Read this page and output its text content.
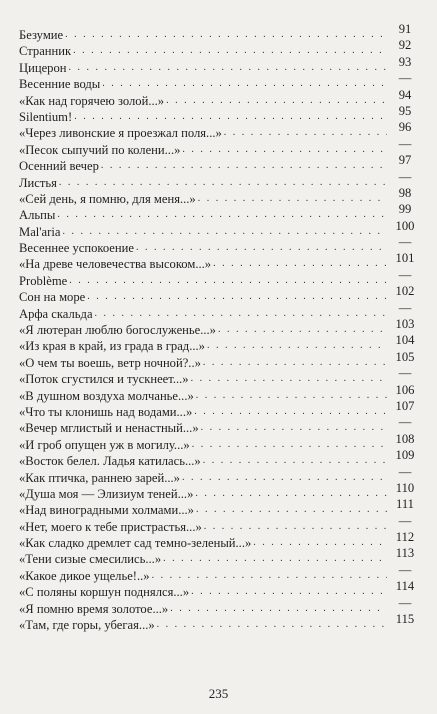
Безумие . . .	91
Странник . . .	92
Цицерон . . .	93
Весенние воды . . .	—
«Как над горячею золой...» . . .	94
Silentium! . . .	95
«Через ливонские я проезжал поля...» . . .	96
«Песок сыпучий по колени...» . . .	—
Осенний вечер . . .	97
Листья . . .	—
«Сей день, я помню, для меня...» . . .	98
Альпы . . .	99
Mal'aria . . .	100
Весеннее успокоение . . .	—
«На древе человечества высоком...» . . .	101
Problème . . .	—
Сон на море . . .	102
Арфа скальда . . .	—
«Я лютеран люблю богослуженье...» . . .	103
«Из края в край, из града в град...» . . .	104
«О чем ты воешь, ветр ночной?..» . . .	105
«Поток сгустился и тускнеет...» . . .	—
«В душном воздуха молчанье...» . . .	106
«Что ты клонишь над водами...» . . .	107
«Вечер мглистый и ненастный...» . . .	—
«И гроб опущен уж в могилу...» . . .	108
«Восток белел. Ладья катилась...» . . .	109
«Как птичка, раннею зарей...» . . .	—
«Душа моя — Элизиум теней...» . . .	110
«Над виноградными холмами...» . . .	111
«Нет, моего к тебе пристрастья...» . . .	—
«Как сладко дремлет сад темно-зеленый...» . . .	112
«Тени сизые смесились...» . . .	113
«Какое дикое ущелье!..» . . .	—
«С поляны коршун поднялся...» . . .	114
«Я помню время золотое...» . . .	—
«Там, где горы, убегая...» . . .	115
235
